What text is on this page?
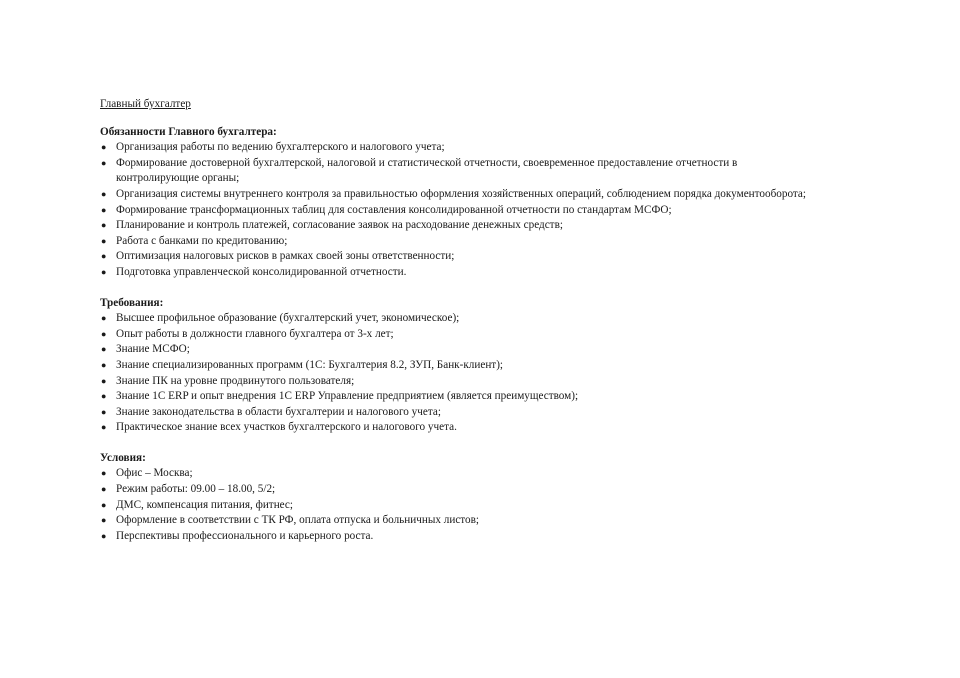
Главный бухгалтер
Обязанности Главного бухгалтера:
● Организация работы по ведению бухгалтерского и налогового учета;
● Формирование достоверной бухгалтерской, налоговой и статистической отчетности, своевременное предоставление отчетности в контролирующие органы;
● Организация системы внутреннего контроля за правильностью оформления хозяйственных операций, соблюдением порядка документооборота;
● Формирование трансформационных таблиц для составления консолидированной отчетности по стандартам МСФО;
● Планирование и контроль платежей, согласование заявок на расходование денежных средств;
● Работа с банками по кредитованию;
● Оптимизация налоговых рисков в рамках своей зоны ответственности;
● Подготовка управленческой консолидированной отчетности.
Требования:
● Высшее профильное образование (бухгалтерский учет, экономическое);
● Опыт работы в должности главного бухгалтера от 3-х лет;
● Знание МСФО;
● Знание специализированных программ (1С: Бухгалтерия 8.2, ЗУП, Банк-клиент);
● Знание ПК на уровне продвинутого пользователя;
● Знание 1С ERP и опыт внедрения 1С ERP Управление предприятием (является преимуществом);
● Знание законодательства в области бухгалтерии и налогового учета;
● Практическое знание всех участков бухгалтерского и налогового учета.
Условия:
● Офис – Москва;
● Режим работы: 09.00 – 18.00, 5/2;
● ДМС, компенсация питания, фитнес;
● Оформление в соответствии с ТК РФ, оплата отпуска и больничных листов;
● Перспективы профессионального и карьерного роста.
